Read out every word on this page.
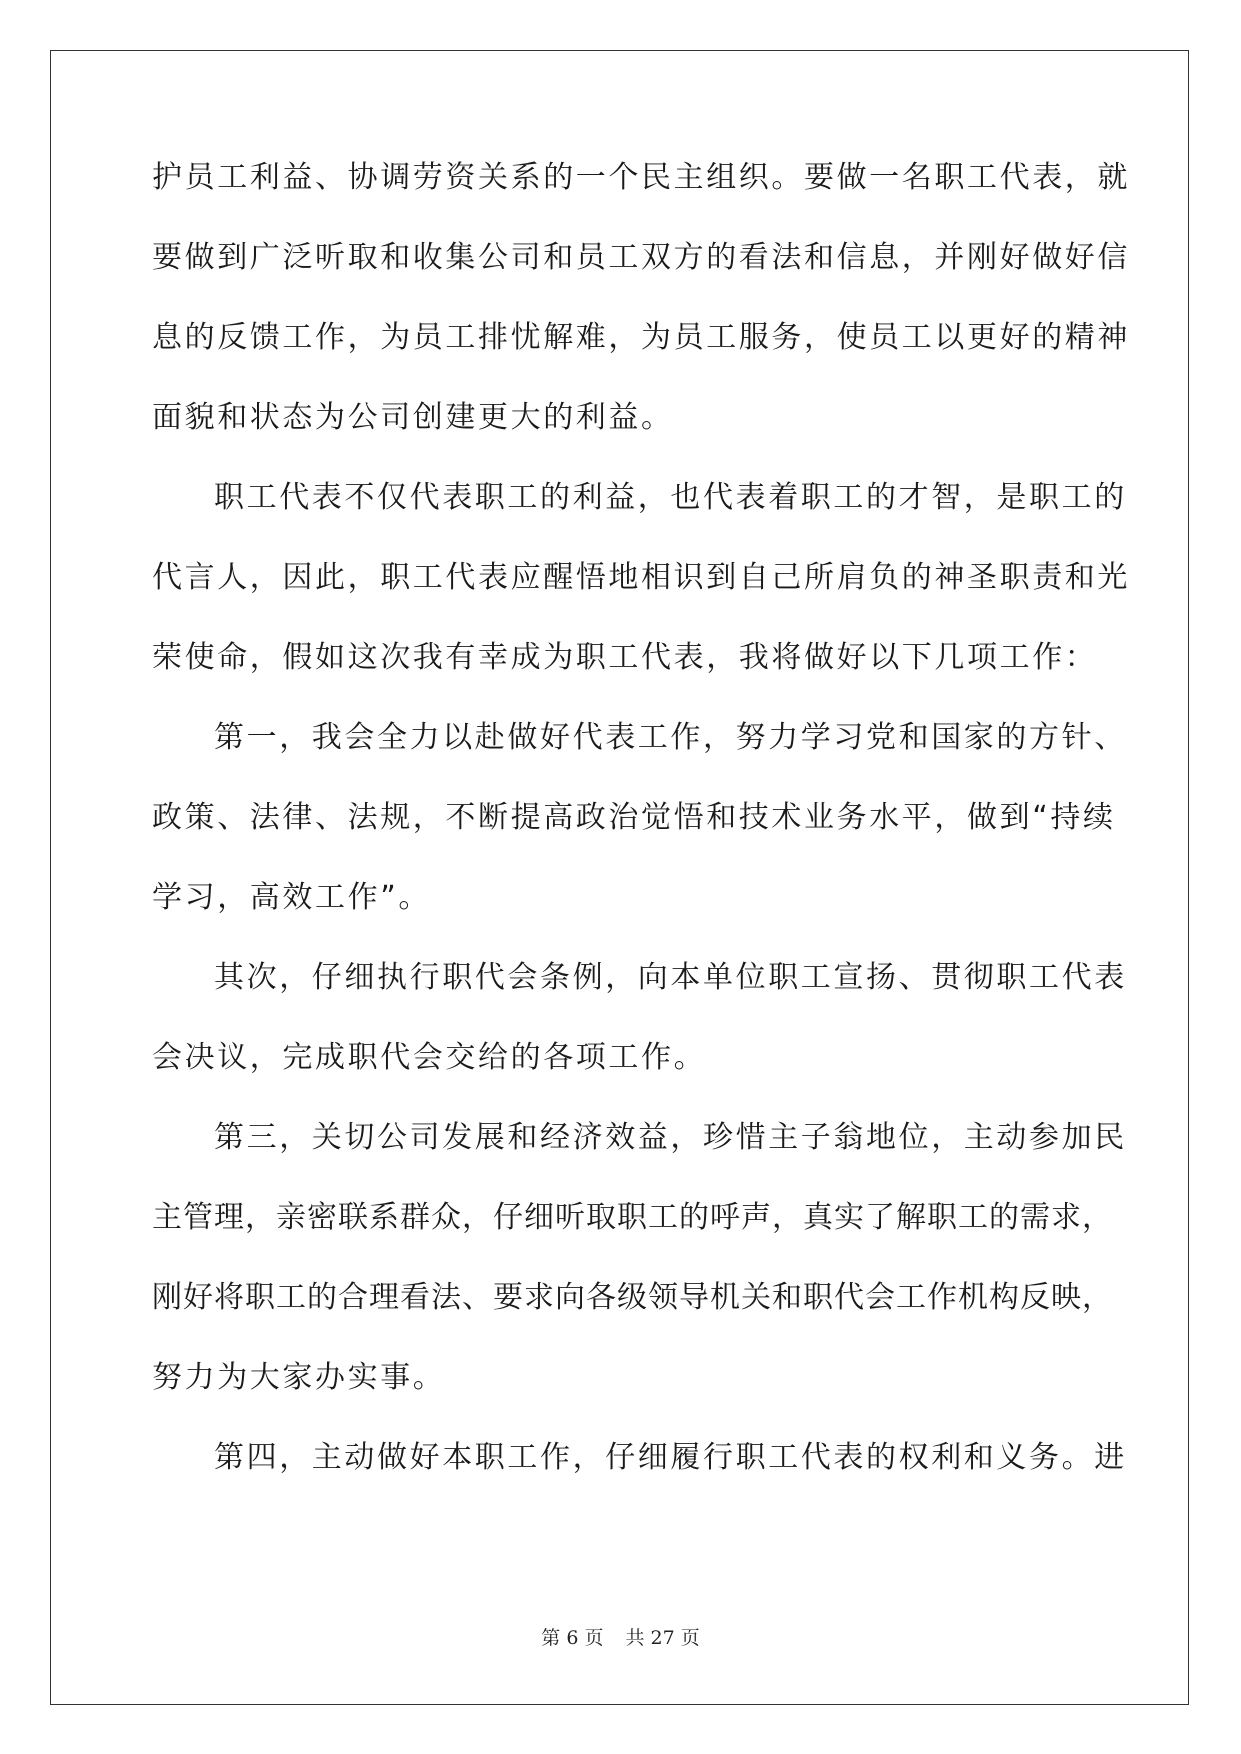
护员工利益、协调劳资关系的一个民主组织。要做一名职工代表，就
要做到广泛听取和收集公司和员工双方的看法和信息，并刚好做好信
息的反馈工作，为员工排忧解难，为员工服务，使员工以更好的精神
面貌和状态为公司创建更大的利益。
职工代表不仅代表职工的利益，也代表着职工的才智，是职工的
代言人，因此，职工代表应醒悟地相识到自己所肩负的神圣职责和光
荣使命，假如这次我有幸成为职工代表，我将做好以下几项工作：
第一，我会全力以赴做好代表工作，努力学习党和国家的方针、
政策、法律、法规，不断提高政治觉悟和技术业务水平，做到“持续
学习，高效工作”。
其次，仔细执行职代会条例，向本单位职工宣扬、贯彻职工代表
会决议，完成职代会交给的各项工作。
第三，关切公司发展和经济效益，珍惜主子翁地位，主动参加民
主管理，亲密联系群众，仔细听取职工的呼声，真实了解职工的需求，
刚好将职工的合理看法、要求向各级领导机关和职代会工作机构反映，
努力为大家办实事。
第四，主动做好本职工作，仔细履行职工代表的权利和义务。进
第 6 页 共 27 页
